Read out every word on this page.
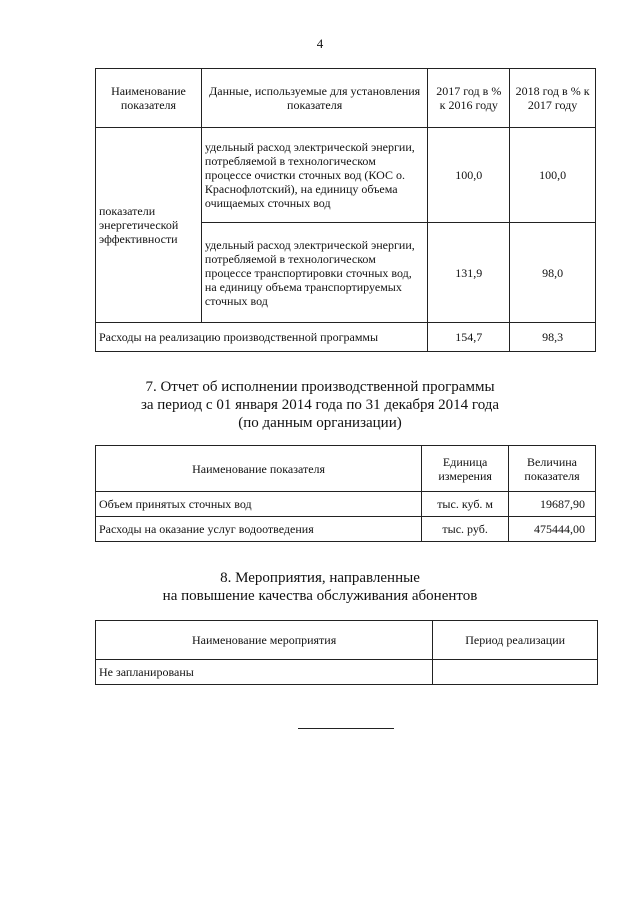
4
Наименование показателя	Данные, используемые для установления показателя	2017 год в % к 2016 году	2018 год в % к 2017 году
показатели энергетической эффективности	удельный расход электрической энергии, потребляемой в технологическом процессе очистки сточных вод (КОС о. Краснофлотский), на единицу объема очищаемых сточных вод	100,0	100,0
	удельный расход электрической энергии, потребляемой в технологическом процессе транспортировки сточных вод, на единицу объема транспортируемых сточных вод	131,9	98,0
Расходы на реализацию производственной программы		154,7	98,3
7. Отчет об исполнении производственной программы
за период с 01 января 2014 года по 31 декабря 2014 года
(по данным организации)
Наименование показателя	Единица измерения	Величина показателя
Объем принятых сточных вод	тыс. куб. м	19687,90
Расходы на оказание услуг водоотведения	тыс. руб.	475444,00
8. Мероприятия, направленные
на повышение качества обслуживания абонентов
Наименование мероприятия	Период реализации
Не запланированы	
